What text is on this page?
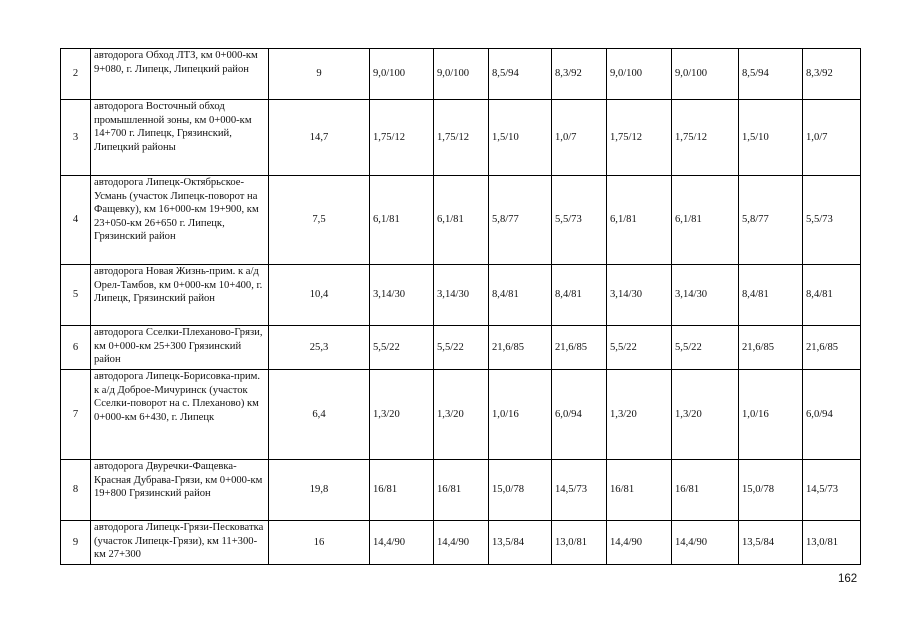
2	автодорога Обход ЛТЗ, км 0+000-км 9+080, г. Липецк, Липецкий район	9	9,0/100	9,0/100	8,5/94	8,3/92	9,0/100	9,0/100	8,5/94	8,3/92
3	автодорога Восточный обход промышленной зоны, км 0+000-км 14+700 г. Липецк, Грязинский, Липецкий районы	14,7	1,75/12	1,75/12	1,5/10	1,0/7	1,75/12	1,75/12	1,5/10	1,0/7
4	автодорога Липецк-Октябрьское-Усмань (участок Липецк-поворот на Фащевку), км 16+000-км 19+900, км 23+050-км 26+650 г. Липецк, Грязинский район	7,5	6,1/81	6,1/81	5,8/77	5,5/73	6,1/81	6,1/81	5,8/77	5,5/73
5	автодорога Новая Жизнь-прим. к а/д Орел-Тамбов, км 0+000-км 10+400, г. Липецк, Грязинский район	10,4	3,14/30	3,14/30	8,4/81	8,4/81	3,14/30	3,14/30	8,4/81	8,4/81
6	автодорога Сселки-Плеханово-Грязи, км 0+000-км 25+300 Грязинский район	25,3	5,5/22	5,5/22	21,6/85	21,6/85	5,5/22	5,5/22	21,6/85	21,6/85
7	автодорога Липецк-Борисовка-прим. к а/д Доброе-Мичуринск (участок Сселки-поворот на с. Плеханово) км 0+000-км 6+430, г. Липецк	6,4	1,3/20	1,3/20	1,0/16	6,0/94	1,3/20	1,3/20	1,0/16	6,0/94
8	автодорога Двуречки-Фащевка-Красная Дубрава-Грязи, км 0+000-км 19+800 Грязинский район	19,8	16/81	16/81	15,0/78	14,5/73	16/81	16/81	15,0/78	14,5/73
9	автодорога Липецк-Грязи-Песковатка (участок Липецк-Грязи), км 11+300-км 27+300	16	14,4/90	14,4/90	13,5/84	13,0/81	14,4/90	14,4/90	13,5/84	13,0/81
162
